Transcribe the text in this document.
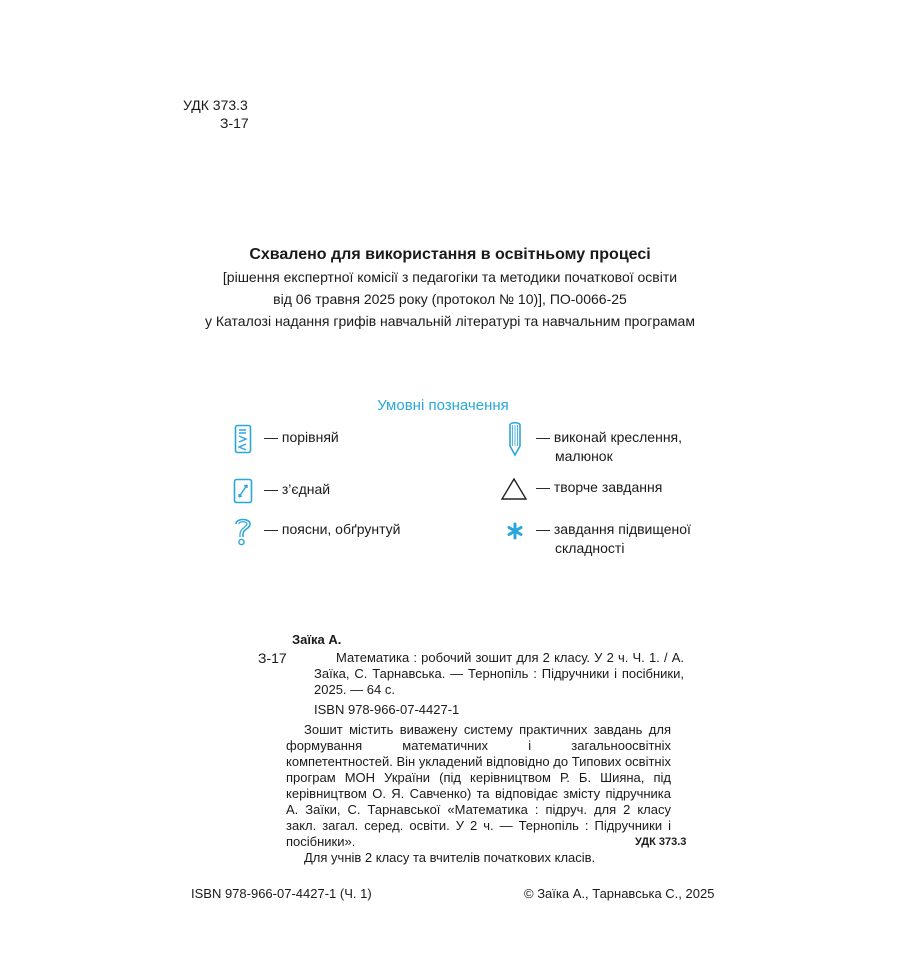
УДК 373.3
З-17
Схвалено для використання в освітньому процесі
[рішення експертної комісії з педагогіки та методики початкової освіти
від 06 травня 2025 року (протокол № 10)], ПО-0066-25
у Каталозі надання грифів навчальній літературі та навчальним програмам
Умовні позначення
— порівняй
— з’єднай
— поясни, обґрунтуй
— виконай креслення,
малюнок
— творче завдання
— завдання підвищеної
складності
Заїка А.
З-17	Математика : робочий зошит для 2 класу. У 2 ч. Ч. 1. / А. Заїка, С. Тарнавська. — Тернопіль : Підручники і посібники, 2025. — 64 с.
ISBN 978-966-07-4427-1
Зошит містить виважену систему практичних завдань для формування математичних і загальноосвітніх компетентностей. Він укладений відповідно до Типових освітніх програм МОН України (під керівництвом Р. Б. Шияна, під керівництвом О. Я. Савченко) та відповідає змісту підручника А. Заїки, С. Тарнавської «Математика : підруч. для 2 класу закл. загал. серед. освіти. У 2 ч. — Тернопіль : Підручники і посібники».
Для учнів 2 класу та вчителів початкових класів.
УДК 373.3
ISBN 978-966-07-4427-1 (Ч. 1)	© Заїка А., Тарнавська С., 2025
